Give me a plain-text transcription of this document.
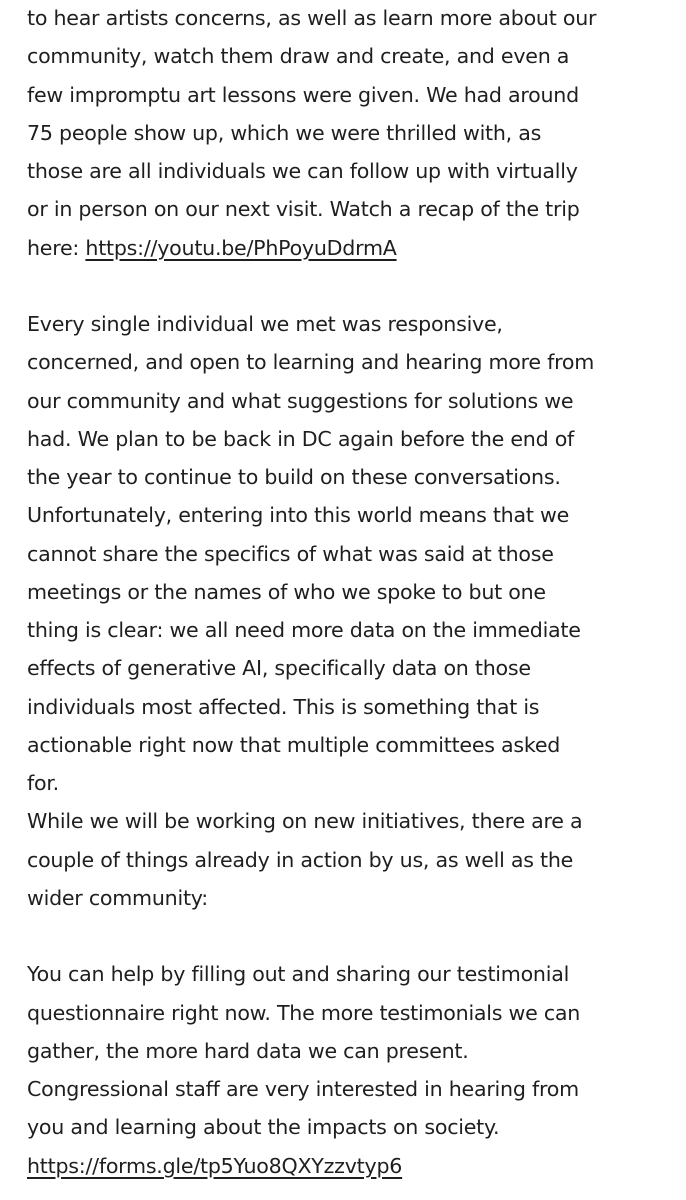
to hear artists concerns, as well as learn more about our
community, watch them draw and create, and even a
few impromptu art lessons were given. We had around
75 people show up, which we were thrilled with, as
those are all individuals we can follow up with virtually
or in person on our next visit. Watch a recap of the trip
here: https://youtu.be/PhPoyuDdrmA
Every single individual we met was responsive,
concerned, and open to learning and hearing more from
our community and what suggestions for solutions we
had. We plan to be back in DC again before the end of
the year to continue to build on these conversations.
Unfortunately, entering into this world means that we
cannot share the specifics of what was said at those
meetings or the names of who we spoke to but one
thing is clear: we all need more data on the immediate
effects of generative AI, specifically data on those
individuals most affected. This is something that is
actionable right now that multiple committees asked
for.
While we will be working on new initiatives, there are a
couple of things already in action by us, as well as the
wider community:
You can help by filling out and sharing our testimonial
questionnaire right now. The more testimonials we can
gather, the more hard data we can present.
Congressional staff are very interested in hearing from
you and learning about the impacts on society.
https://forms.gle/tp5Yuo8QXYzzvtyp6
